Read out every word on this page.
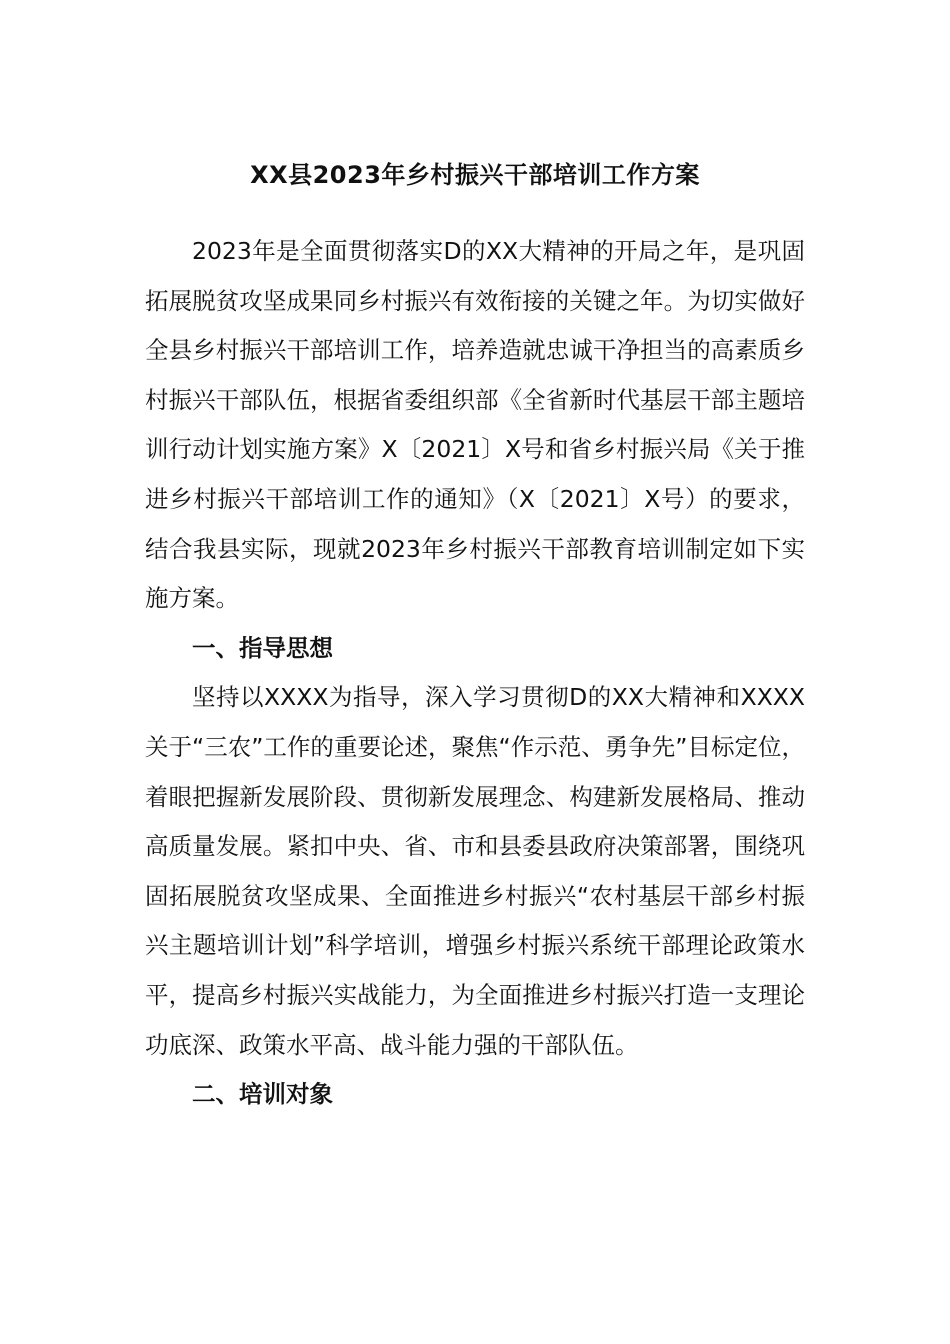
XX县2023年乡村振兴干部培训工作方案

2023年是全面贯彻落实D的XX大精神的开局之年，是巩固拓展脱贫攻坚成果同乡村振兴有效衔接的关键之年。为切实做好全县乡村振兴干部培训工作，培养造就忠诚干净担当的高素质乡村振兴干部队伍，根据省委组织部《全省新时代基层干部主题培训行动计划实施方案》X〔2021〕X号和省乡村振兴局《关于推进乡村振兴干部培训工作的通知》（X〔2021〕X号）的要求，结合我县实际，现就2023年乡村振兴干部教育培训制定如下实施方案。

一、指导思想

坚持以XXXX为指导，深入学习贯彻D的XX大精神和XXXX关于“三农”工作的重要论述，聚焦“作示范、勇争先”目标定位，着眼把握新发展阶段、贯彻新发展理念、构建新发展格局、推动高质量发展。紧扣中央、省、市和县委县政府决策部署，围绕巩固拓展脱贫攻坚成果、全面推进乡村振兴“农村基层干部乡村振兴主题培训计划”科学培训，增强乡村振兴系统干部理论政策水平，提高乡村振兴实战能力，为全面推进乡村振兴打造一支理论功底深、政策水平高、战斗能力强的干部队伍。

二、培训对象
